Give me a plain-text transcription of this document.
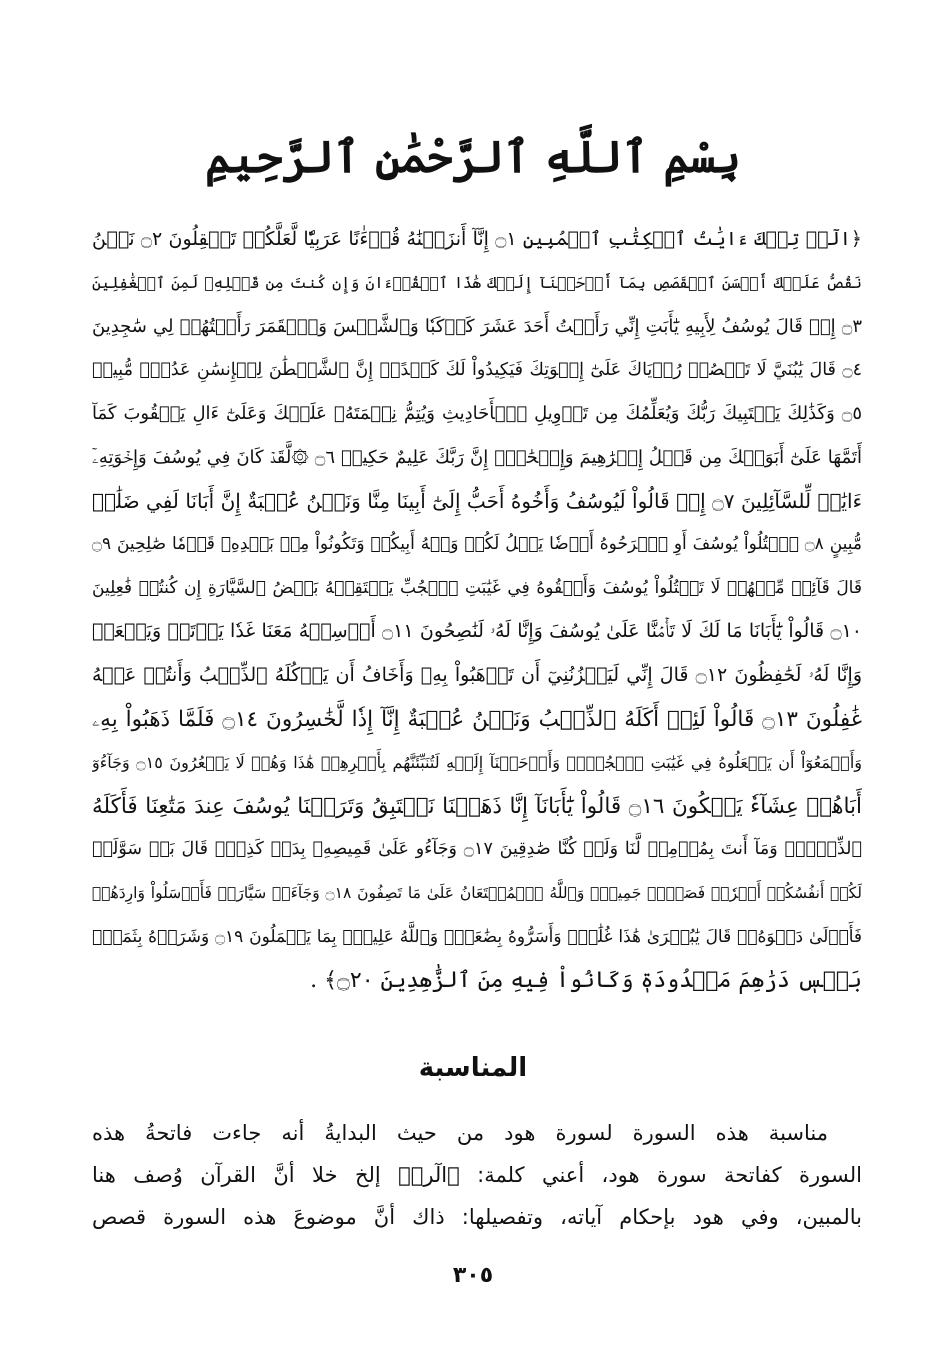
بِسْمِ ٱللَّهِ ٱلرَّحْمَٰنِ ٱلرَّحِيمِ
﴿الٓرۚ تِلۡكَ ءَايَٰتُ ٱلۡكِتَٰبِ ٱلۡمُبِينِ ۝١ إِنَّآ أَنزَلۡنَٰهُ قُرۡءَٰنًا عَرَبِيّٗا لَّعَلَّكُمۡ تَعۡقِلُونَ ۝٢ نَحۡنُ
نَقُصُّ عَلَيۡكَ أَحۡسَنَ ٱلۡقَصَصِ بِمَآ أَوۡحَيۡنَآ إِلَيۡكَ هَٰذَا ٱلۡقُرۡءَانَ وَإِن كُنتَ مِن قَبۡلِهِۦ لَمِنَ ٱلۡغَٰفِلِينَ
۝٣ إِذۡ قَالَ يُوسُفُ لِأَبِيهِ يَٰٓأَبَتِ إِنِّي رَأَيۡتُ أَحَدَ عَشَرَ كَوۡكَبٗا وَٱلشَّمۡسَ وَٱلۡقَمَرَ رَأَيۡتُهُمۡ لِي سَٰجِدِينَ
۝٤ قَالَ يَٰبُنَيَّ لَا تَقۡصُصۡ رُءۡيَاكَ عَلَىٰٓ إِخۡوَتِكَ فَيَكِيدُواْ لَكَ كَيۡدًاۖ إِنَّ ٱلشَّيۡطَٰنَ لِلۡإِنسَٰنِ عَدُوّٞ مُّبِينٞ
۝٥ وَكَذَٰلِكَ يَجۡتَبِيكَ رَبُّكَ وَيُعَلِّمُكَ مِن تَأۡوِيلِ ٱلۡأَحَادِيثِ وَيُتِمُّ نِعۡمَتَهُۥ عَلَيۡكَ وَعَلَىٰٓ ءَالِ يَعۡقُوبَ كَمَآ
أَتَمَّهَا عَلَىٰٓ أَبَوَيۡكَ مِن قَبۡلُ إِبۡرَٰهِيمَ وَإِسۡحَٰقَۚ إِنَّ رَبَّكَ عَلِيمٌ حَكِيمٞ ۝٦ ۞لَّقَدۡ كَانَ فِي يُوسُفَ وَإِخۡوَتِهِۦٓ
ءَايَٰتٞ لِّلسَّآئِلِينَ ۝٧ إِذۡ قَالُواْ لَيُوسُفُ وَأَخُوهُ أَحَبُّ إِلَىٰٓ أَبِينَا مِنَّا وَنَحۡنُ عُصۡبَةٌ إِنَّ أَبَانَا لَفِي ضَلَٰلٖ
مُّبِينٍ ۝٨ ٱقۡتُلُواْ يُوسُفَ أَوِ ٱطۡرَحُوهُ أَرۡضٗا يَخۡلُ لَكُمۡ وَجۡهُ أَبِيكُمۡ وَتَكُونُواْ مِنۢ بَعۡدِهِۦ قَوۡمٗا صَٰلِحِينَ ۝٩
قَالَ قَآئِلٞ مِّنۡهُمۡ لَا تَقۡتُلُواْ يُوسُفَ وَأَلۡقُوهُ فِي غَيَٰبَتِ ٱلۡجُبِّ يَلۡتَقِطۡهُ بَعۡضُ ٱلسَّيَّارَةِ إِن كُنتُمۡ فَٰعِلِينَ
۝١٠ قَالُواْ يَٰٓأَبَانَا مَا لَكَ لَا تَأۡمَ۬نَّا عَلَىٰ يُوسُفَ وَإِنَّا لَهُۥ لَنَٰصِحُونَ ۝١١ أَرۡسِلۡهُ مَعَنَا غَدٗا يَرۡتَعۡ وَيَلۡعَبۡ
وَإِنَّا لَهُۥ لَحَٰفِظُونَ ۝١٢ قَالَ إِنِّي لَيَحۡزُنُنِيٓ أَن تَذۡهَبُواْ بِهِۦ وَأَخَافُ أَن يَأۡكُلَهُ ٱلذِّئۡبُ وَأَنتُمۡ عَنۡهُ
غَٰفِلُونَ ۝١٣ قَالُواْ لَئِنۡ أَكَلَهُ ٱلذِّئۡبُ وَنَحۡنُ عُصۡبَةٌ إِنَّآ إِذٗا لَّخَٰسِرُونَ ۝١٤ فَلَمَّا ذَهَبُواْ بِهِۦ
وَأَجۡمَعُوٓاْ أَن يَجۡعَلُوهُ فِي غَيَٰبَتِ ٱلۡجُبِّۚ وَأَوۡحَيۡنَآ إِلَيۡهِ لَتُنَبِّئَنَّهُم بِأَمۡرِهِمۡ هَٰذَا وَهُمۡ لَا يَشۡعُرُونَ ۝١٥ وَجَآءُوٓ
أَبَاهُمۡ عِشَآءٗ يَبۡكُونَ ۝١٦ قَالُواْ يَٰٓأَبَانَآ إِنَّا ذَهَبۡنَا نَسۡتَبِقُ وَتَرَكۡنَا يُوسُفَ عِندَ مَتَٰعِنَا فَأَكَلَهُ
ٱلذِّئۡبُۖ وَمَآ أَنتَ بِمُؤۡمِنٖ لَّنَا وَلَوۡ كُنَّا صَٰدِقِينَ ۝١٧ وَجَآءُو عَلَىٰ قَمِيصِهِۦ بِدَمٖ كَذِبٖۚ قَالَ بَلۡ سَوَّلَتۡ
لَكُمۡ أَنفُسُكُمۡ أَمۡرٗاۖ فَصَبۡرٞ جَمِيلٞۖ وَٱللَّهُ ٱلۡمُسۡتَعَانُ عَلَىٰ مَا تَصِفُونَ ۝١٨ وَجَآءَتۡ سَيَّارَةٞ فَأَرۡسَلُواْ وَارِدَهُمۡ
فَأَدۡلَىٰ دَلۡوَهُۥۖ قَالَ يَٰبُشۡرَىٰ هَٰذَا غُلَٰمٞۚ وَأَسَرُّوهُ بِضَٰعَةٗۚ وَٱللَّهُ عَلِيمُۢ بِمَا يَعۡمَلُونَ ۝١٩ وَشَرَوۡهُ بِثَمَنِۭ
بَخۡسٖ دَرَٰهِمَ مَعۡدُودَةٖ وَكَانُواْ فِيهِ مِنَ ٱلزَّٰهِدِينَ ۝٢٠﴾ .
المناسبة
مناسبة هذه السورة لسورة هود من حيث البدايةُ أنه جاءت فاتحةُ هذه
السورة كفاتحة سورة هود، أعني كلمة: ﴿الٓرۚ﴾ إلخ خلا أنَّ القرآن وُصف هنا
بالمبين، وفي هود بإحكام آياته، وتفصيلها: ذاك أنَّ موضوعَ هذه السورة قصص
٣٠٥
